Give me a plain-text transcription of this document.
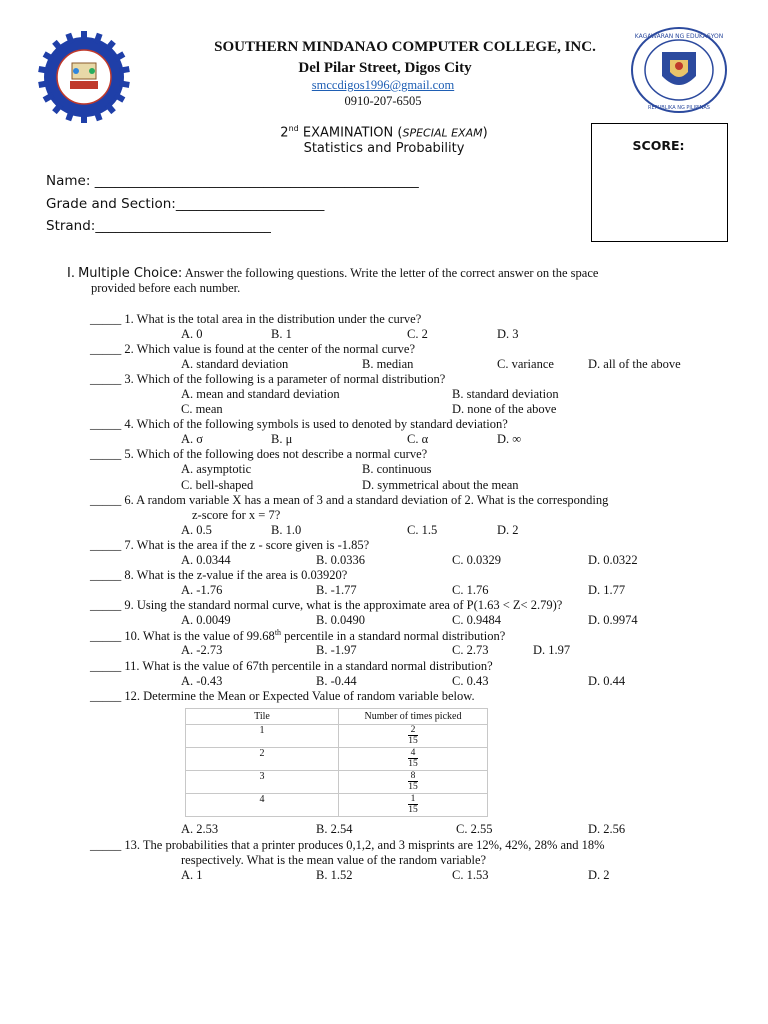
KAGAWARAN NG EDUKASYON
REPUBLIKA NG PILIPINAS
SOUTHERN MINDANAO COMPUTER COLLEGE, INC.
Del Pilar Street, Digos City
smccdigos1996@gmail.com
0910-207-6505
2nd EXAMINATION (SPECIAL EXAM)
Statistics and Probability	SCORE:
Name: ________________________________________________
Grade and Section:______________________
Strand:__________________________
I. Multiple Choice: Answer the following questions. Write the letter of the correct answer on the space
provided before each number.
_____ 1. What is the total area in the distribution under the curve?
A. 0	B. 1	C. 2	D. 3
_____ 2. Which value is found at the center of the normal curve?
A. standard deviation	B. median	C. variance	D. all of the above
_____ 3. Which of the following is a parameter of normal distribution?
A. mean and standard deviation	B. standard deviation
C. mean	D. none of the above
_____ 4. Which of the following symbols is used to denoted by standard deviation?
A. σ	B. μ	C. α	D. ∞
_____ 5. Which of the following does not describe a normal curve?
A. asymptotic	B. continuous
C. bell-shaped	D. symmetrical about the mean
_____ 6. A random variable X has a mean of 3 and a standard deviation of 2. What is the corresponding
z-score for x = 7?
A. 0.5	B. 1.0	C. 1.5	D. 2
_____ 7. What is the area if the z - score given is -1.85?
A. 0.0344	B. 0.0336	C. 0.0329	D. 0.0322
_____ 8. What is the z-value if the area is 0.03920?
A. -1.76	B. -1.77	C. 1.76	D. 1.77
_____ 9. Using the standard normal curve, what is the approximate area of P(1.63 < Z< 2.79)?
A. 0.0049	B. 0.0490	C. 0.9484	D. 0.9974
_____ 10. What is the value of 99.68th percentile in a standard normal distribution?
A. -2.73	B. -1.97	C. 2.73	D. 1.97
_____ 11. What is the value of 67th percentile in a standard normal distribution?
A. -0.43	B. -0.44	C. 0.43	D. 0.44
_____ 12. Determine the Mean or Expected Value of random variable below.
Tile	Number of times picked
1	$\frac{2}{15}$

2	$\frac{4}{15}$

3	$\frac{8}{15}$

4	$\frac{1}{15}$
A. 2.53	B. 2.54	C. 2.55	D. 2.56
_____ 13. The probabilities that a printer produces 0,1,2, and 3 misprints are 12%, 42%, 28% and 18%
respectively. What is the mean value of the random variable?
A. 1	B. 1.52	C. 1.53	D. 2
